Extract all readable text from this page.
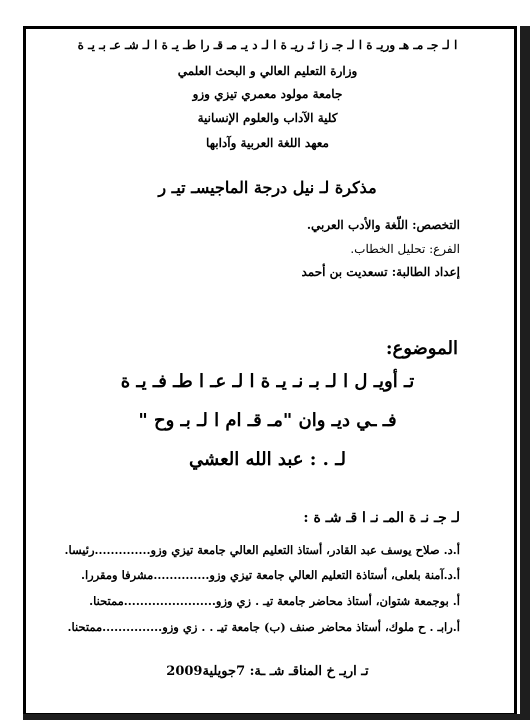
ا لـ جـ مـ هـ وريـ ة ا لـ جـ زا ئـ ريـ ة ا لـ د يـ مـ قـ را طـ يـ ة ا لـ شـ عـ بـ يـ ة
وزارة التعليم العالي و البحث العلمي
جامعة مولود معمري تيزي وزو
كلية الآداب والعلوم الإنسانية
معهد اللغة العربية وآدابها
مذكرة لـ نيل درجة الماجيسـ تيـ ر
التخصص: اللّغة والأدب العربي.
الفرع: تحليل الخطاب.
إعداد الطالبة: تسعديت بن أحمد
الموضوع:
تـ أويـ ل ا لـ بـ نـ يـ ة ا لـ عـ ا طـ فـ يـ ة
فـ ـي ديـ وان "مـ قـ ام ا لـ بـ وح "
لـ . : عبد الله العشي
لـ جـ نـ ة المـ نـ ا قـ شـ ة :
أ.د. صلاح يوسف عبد القادر، أستاذ التعليم العالي جامعة تيزي وزو..............رئيسا.
أ.د.آمنة بلعلى، أستاذة التعليم العالي جامعة تيزي وزو..............مشرفا ومقررا.
أ. بوجمعة شتوان، أستاذ محاضر جامعة تيـ . زي وزو.......................ممتحنا.
أ.رابـ . ح ملوك، أستاذ محاضر صنف (ب) جامعة تيـ . . زي وزو...............ممتحنا.
تـ اريـ خ المناقـ شـ ـة: 7جويلية2009
